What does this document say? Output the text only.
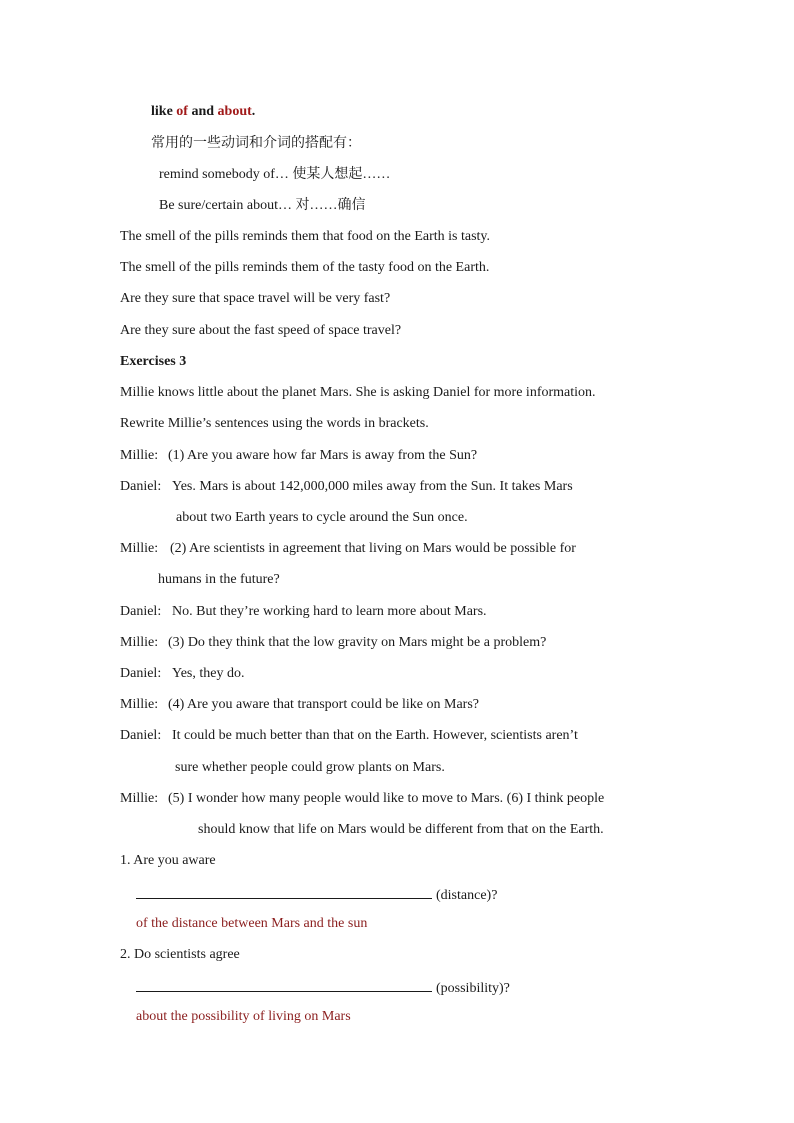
like of and about.
常用的一些动词和介词的搭配有：
remind somebody of… 使某人想起……
Be sure/certain about… 对……确信
The smell of the pills reminds them that food on the Earth is tasty.
The smell of the pills reminds them of the tasty food on the Earth.
Are they sure that space travel will be very fast?
Are they sure about the fast speed of space travel?
Exercises 3
Millie knows little about the planet Mars. She is asking Daniel for more information.
Rewrite Millie’s sentences using the words in brackets.
Millie: (1) Are you aware how far Mars is away from the Sun?
Daniel: Yes. Mars is about 142,000,000 miles away from the Sun. It takes Mars
about two Earth years to cycle around the Sun once.
Millie: (2) Are scientists in agreement that living on Mars would be possible for
humans in the future?
Daniel: No. But they’re working hard to learn more about Mars.
Millie: (3) Do they think that the low gravity on Mars might be a problem?
Daniel: Yes, they do.
Millie: (4) Are you aware that transport could be like on Mars?
Daniel: It could be much better than that on the Earth. However, scientists aren’t
sure whether people could grow plants on Mars.
Millie: (5) I wonder how many people would like to move to Mars. (6) I think people
should know that life on Mars would be different from that on the Earth.
1. Are you aware
(distance)?
of the distance between Mars and the sun
2. Do scientists agree
(possibility)?
about the possibility of living on Mars
